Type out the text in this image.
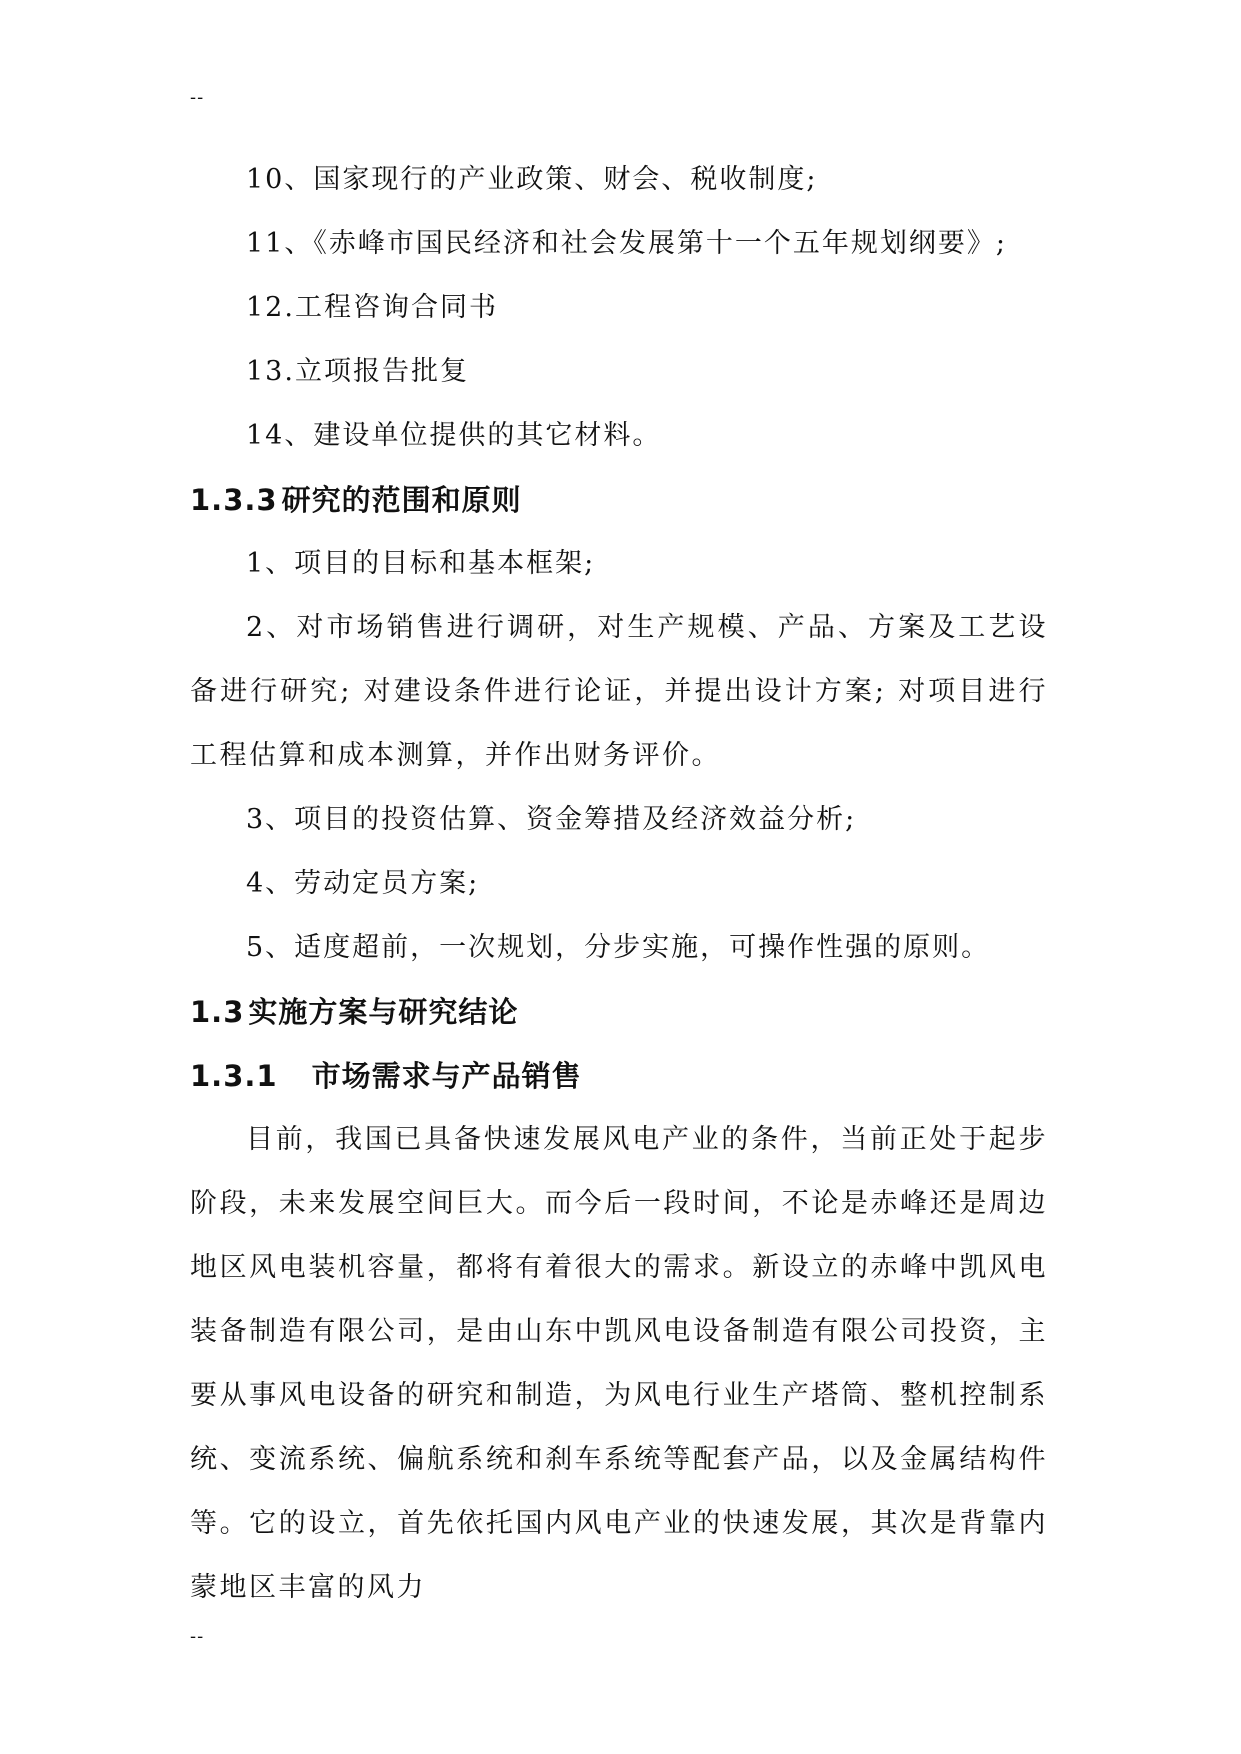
--
10、国家现行的产业政策、财会、税收制度;
11、《赤峰市国民经济和社会发展第十一个五年规划纲要》;
12.工程咨询合同书
13.立项报告批复
14、建设单位提供的其它材料。
1.3.3 研究的范围和原则
1、项目的目标和基本框架;

2、对市场销售进行调研，对生产规模、产品、方案及工艺设备进行研究; 对建设条件进行论证，并提出设计方案; 对项目进行工程估算和成本测算，并作出财务评价。

3、项目的投资估算、资金筹措及经济效益分析;
4、劳动定员方案;
5、适度超前，一次规划，分步实施，可操作性强的原则。
1.3 实施方案与研究结论
1.3.1 市场需求与产品销售

目前，我国已具备快速发展风电产业的条件，当前正处于起步阶段，未来发展空间巨大。而今后一段时间，不论是赤峰还是周边地区风电装机容量，都将有着很大的需求。新设立的赤峰中凯风电装备制造有限公司，是由山东中凯风电设备制造有限公司投资，主要从事风电设备的研究和制造，为风电行业生产塔筒、整机控制系统、变流系统、偏航系统和刹车系统等配套产品，以及金属结构件等。它的设立，首先依托国内风电产业的快速发展，其次是背靠内蒙地区丰富的风力

--
